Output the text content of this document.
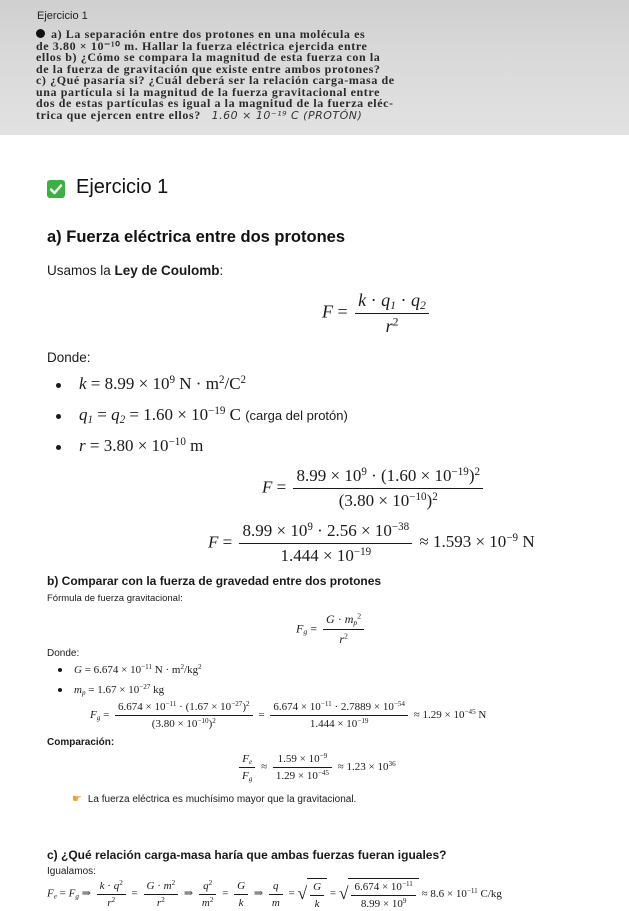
Ejercicio 1
a) La separación entre dos protones en una molécula es
de 3.80 × 10⁻¹⁰ m. Hallar la fuerza eléctrica ejercida entre
ellos b) ¿Cómo se compara la magnitud de esta fuerza con la
de la fuerza de gravitación que existe entre ambos protones?
c) ¿Qué pasaría si? ¿Cuál deberá ser la relación carga-masa de
una partícula si la magnitud de la fuerza gravitacional entre
dos de estas partículas es igual a la magnitud de la fuerza eléc-
trica que ejercen entre ellos? 1.60 × 10⁻¹⁹ C (PROTÓN)
Ejercicio 1
a) Fuerza eléctrica entre dos protones
Usamos la Ley de Coulomb:
$F = \frac{k \cdot q_1 \cdot q_2}{r^2}$
Donde:
$k = 8.99 \times 10^9$ $N \cdot m^2/C^2$
$q_1 = q_2 = 1.60 \times 10^{-19}$ C (carga del protón)
$r = 3.80 \times 10^{-10}$ m
$F = \frac{8.99 \times 10^9 \cdot (1.60 \times 10^{-19})^2}{(3.80 \times 10^{-10})^2}$
$F = \frac{8.99 \times 10^9 \cdot 2.56 \times 10^{-38}}{1.444 \times 10^{-19}} \approx 1.593 \times 10^{-9}$ N
b) Comparar con la fuerza de gravedad entre dos protones
Fórmula de fuerza gravitacional:
$F_g = \frac{G \cdot m_p^2}{r^2}$
Donde:
$G = 6.674 \times 10^{-11}$ $N \cdot m^2/kg^2$
$m_p = 1.67 \times 10^{-27}$ kg
$F_g = \frac{6.674 \times 10^{-11} \cdot (1.67 \times 10^{-27})^2}{(3.80 \times 10^{-10})^2} = \frac{6.674 \times 10^{-11} \cdot 2.7889 \times 10^{-54}}{1.444 \times 10^{-19}} \approx 1.29 \times 10^{-45}$ N
Comparación:
$\frac{F_e}{F_g} \approx \frac{1.59 \times 10^{-9}}{1.29 \times 10^{-45}} \approx 1.23 \times 10^{36}$
☛ La fuerza eléctrica es muchísimo mayor que la gravitacional.
c) ¿Qué relación carga-masa haría que ambas fuerzas fueran iguales?
Igualamos:
$F_e = F_g$ ⇒ $\frac{k \cdot q^2}{r^2} = \frac{G \cdot m^2}{r^2}$ ⇒ $\frac{q^2}{m^2} = \frac{G}{k}$ ⇒ $\frac{q}{m}$ = √ $\frac{G}{k}$ = √ $\frac{6.674 \times 10^{-11}}{8.99 \times 10^9} \approx 8.6 \times 10^{-11}$ C/kg
